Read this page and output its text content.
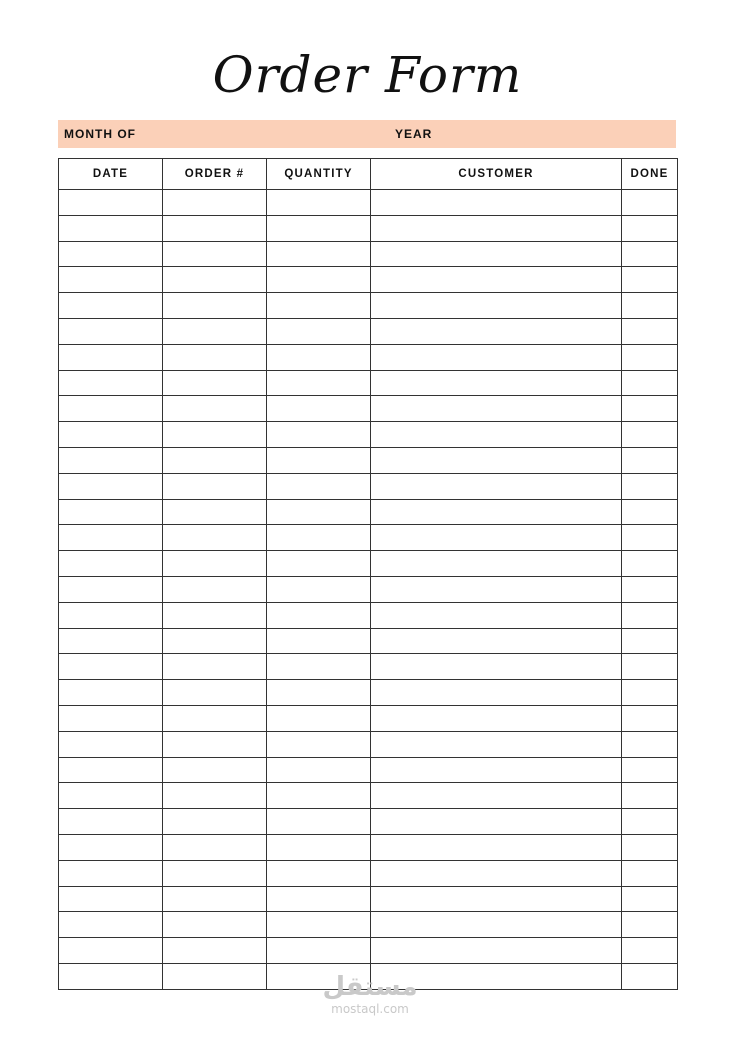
Order Form
MONTH OF	YEAR
DATE	ORDER #	QUANTITY	CUSTOMER	DONE

مستقل
mostaql.com
